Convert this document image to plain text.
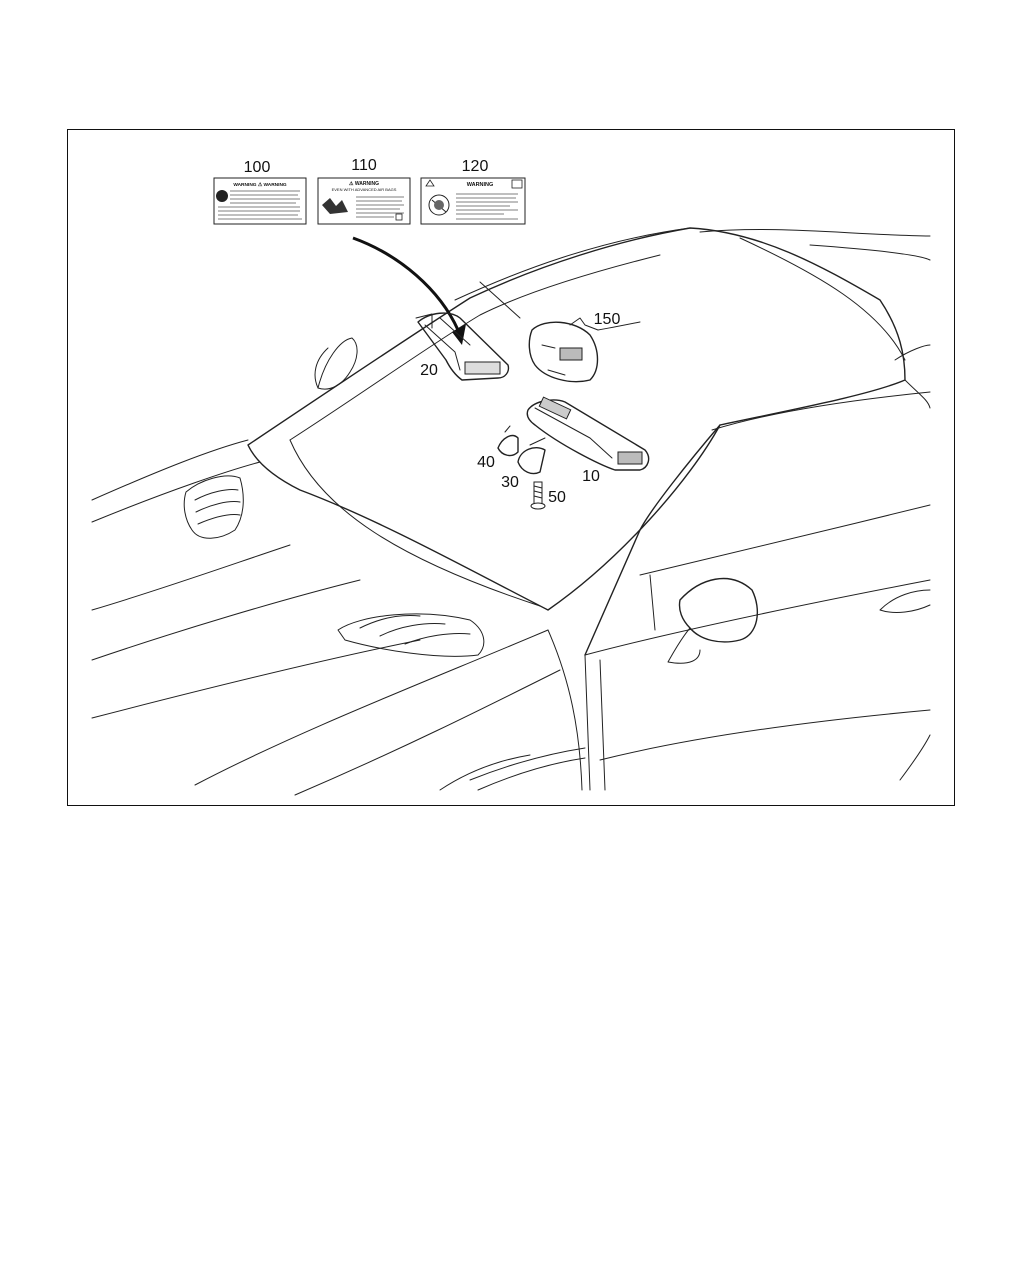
WARNING ⚠ WARNING	⚠ WARNING
EVEN WITH ADVANCED AIR BAGS
WARNING
100	110	120
150
20
10
40
30
50
